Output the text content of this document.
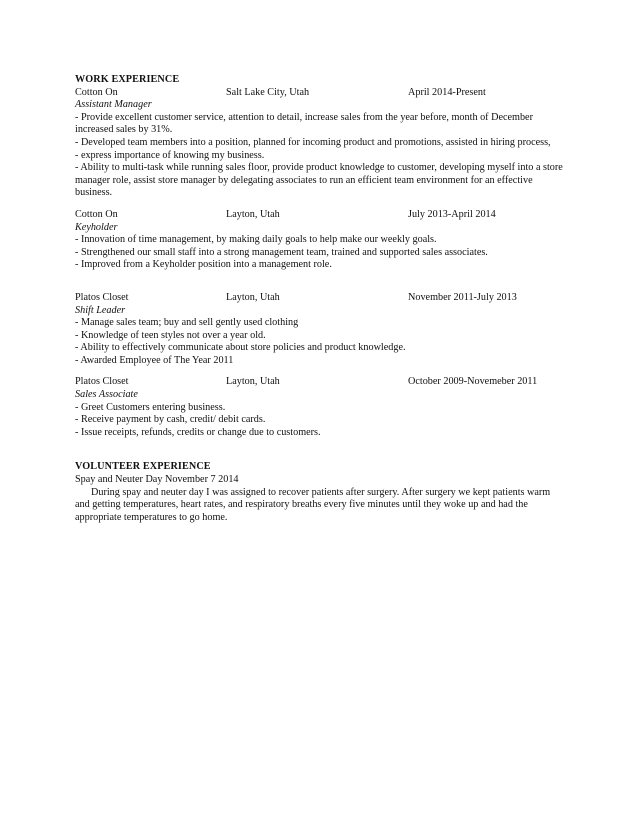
WORK EXPERIENCE
Cotton On	Salt Lake City, Utah	April 2014-Present
Assistant Manager
- Provide excellent customer service, attention to detail, increase sales from the year before, month of December increased sales by 31%.
- Developed team members into a position, planned for incoming product and promotions, assisted in hiring process,
- express importance of knowing my business.
- Ability to multi-task while running sales floor, provide product knowledge to customer, developing myself into a store manager role, assist store manager by delegating associates to run an efficient team environment for an effective business.
Cotton On	Layton, Utah	July 2013-April 2014
Keyholder
- Innovation of time management, by making daily goals to help make our weekly goals.
- Strengthened our small staff into a strong management team, trained and supported sales associates.
- Improved from a Keyholder position into a management role.
Platos Closet	Layton, Utah	November 2011-July 2013
Shift Leader
- Manage sales team; buy and sell gently used clothing
- Knowledge of teen styles not over a year old.
- Ability to effectively communicate about store policies and product knowledge.
- Awarded Employee of The Year 2011
Platos Closet	Layton, Utah	October 2009-Novemeber 2011
Sales Associate
- Greet Customers entering business.
- Receive payment by cash, credit/ debit cards.
- Issue receipts, refunds, credits or change due to customers.
VOLUNTEER EXPERIENCE
Spay and Neuter Day November 7 2014
During spay and neuter day I was assigned to recover patients after surgery. After surgery we kept patients warm and getting temperatures, heart rates, and respiratory breaths every five minutes until they woke up and had the appropriate temperatures to go home.
